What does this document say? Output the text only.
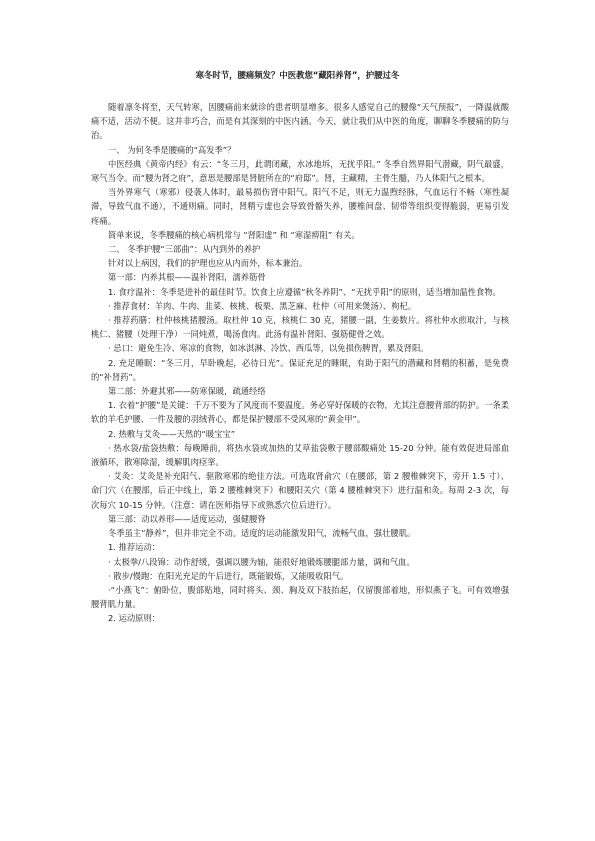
寒冬时节，腰痛频发？中医教您“藏阳养肾”，护腰过冬

随着凛冬将至，天气转寒，因腰痛前来就诊的患者明显增多。很多人感觉自己的腰像“天气预报”，一降温就酸痛不适，活动不便。这并非巧合，而是有其深刻的中医内涵。今天，就让我们从中医的角度，聊聊冬季腰痛的防与治。

一、 为何冬季是腰痛的“高发季”？

中医经典《黄帝内经》有云：“冬三月，此谓闭藏，水冰地坼，无扰乎阳。” 冬季自然界阳气潜藏，阴气最盛，寒气当令。而“腰为肾之府”，意思是腰部是肾脏所在的“府邸”。肾，主藏精，主骨生髓，乃人体阳气之根本。

当外界寒气（寒邪）侵袭人体时，最易损伤肾中阳气。阳气不足，则无力温煦经脉，气血运行不畅（寒性凝滞，导致气血不通），不通则痛。同时，肾精亏虚也会导致骨骼失养，腰椎间盘、韧带等组织变得脆弱，更易引发疼痛。

简单来说，冬季腰痛的核心病机常与 “肾阳虚” 和 “寒湿痹阻” 有关。

二、 冬季护腰“三部曲”：从内到外的养护

针对以上病因，我们的护理也应从内而外，标本兼治。

第一部：内养其根——温补肾阳，濡养筋骨

1. 食疗温补：冬季是进补的最佳时节。饮食上应遵循“秋冬养阴”、“无扰乎阳”的原则，适当增加温性食物。

· 推荐食材：羊肉、牛肉、韭菜、核桃、板栗、黑芝麻、杜仲（可用来煲汤）、枸杞。

· 推荐药膳：杜仲核桃猪腰汤。取杜仲 10 克，核桃仁 30 克，猪腰一副，生姜数片。将杜仲水煎取汁，与核桃仁、猪腰（处理干净）一同炖煮，喝汤食肉。此汤有温补肾阳、强筋健骨之效。

· 忌口：避免生冷、寒凉的食物，如冰淇淋、冷饮、西瓜等，以免损伤脾胃，累及肾阳。

2. 充足睡眠：“冬三月，早卧晚起，必待日光”。保证充足的睡眠，有助于阳气的潜藏和肾精的积蓄，是免费的“补肾药”。

第二部：外避其邪——防寒保暖，疏通经络

1. 衣着“护腰”是关键：千万不要为了风度而不要温度。务必穿好保暖的衣物，尤其注意腰背部的防护。一条柔软的羊毛护腰、一件及腰的羽绒背心，都是保护腰部不受风寒的“黄金甲”。

2. 热敷与艾灸——天然的“暖宝宝”

· 热水袋/盐袋热敷：每晚睡前，将热水袋或加热的艾草盐袋敷于腰部酸痛处 15-20 分钟。能有效促进局部血液循环，散寒除湿，缓解肌肉痉挛。

· 艾灸：艾灸是补充阳气、驱散寒邪的绝佳方法。可选取肾俞穴（在腰部，第 2 腰椎棘突下，旁开 1.5 寸）、命门穴（在腰部，后正中线上，第 2 腰椎棘突下）和腰阳关穴（第 4 腰椎棘突下）进行温和灸。每周 2-3 次，每次每穴 10-15 分钟。（注意：请在医师指导下或熟悉穴位后进行）。

第三部：动以养形——适度运动，强健腰脊

冬季虽主“静养”，但并非完全不动。适度的运动能激发阳气，流畅气血，强壮腰肌。

1. 推荐运动：

· 太极拳/八段锦：动作舒缓，强调以腰为轴，能很好地锻炼腰腿部力量，调和气血。

· 散步/慢跑：在阳光充足的午后进行，既能锻炼，又能吸收阳气。

·“小燕飞”：俯卧位，腹部贴地，同时将头、颈、胸及双下肢抬起，仅留腹部着地，形似燕子飞。可有效增强腰背肌力量。

2. 运动原则：
